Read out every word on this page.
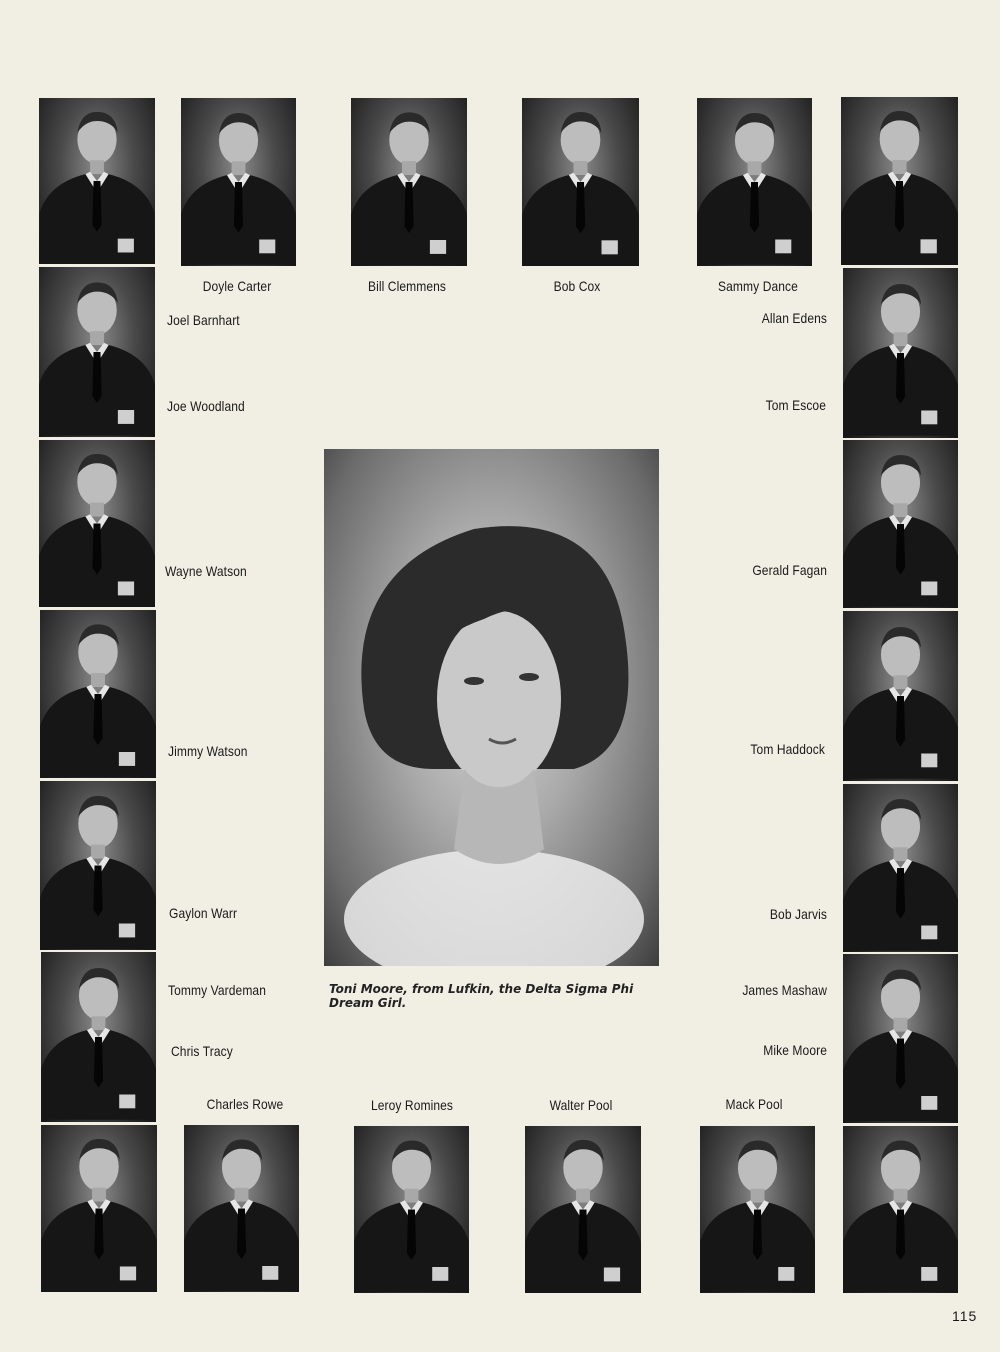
Doyle Carter	Bill Clemmens	Bob Cox	Sammy Dance
Joel Barnhart
Joe Woodland
Wayne Watson
Jimmy Watson
Gaylon Warr
Tommy Vardeman
Chris Tracy
Allan Edens
Tom Escoe
Gerald Fagan
Tom Haddock
Bob Jarvis
James Mashaw
Mike Moore
Charles Rowe	Leroy Romines	Walter Pool	Mack Pool
Toni Moore, from Lufkin, the Delta Sigma Phi Dream Girl.
115
